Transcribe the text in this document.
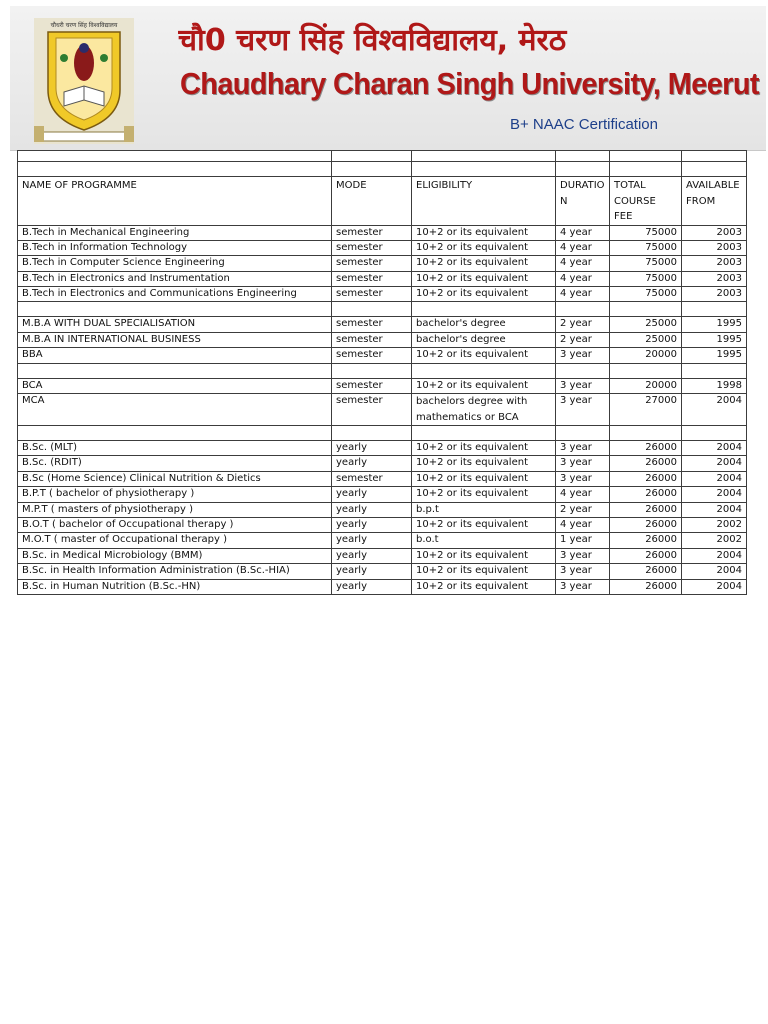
चौधरी चरण सिंह विश्वविद्यालय चौ0 चरण सिंह विश्वविद्यालय, मेरठ
Chaudhary Charan Singh University, Meerut
B+ NAAC Certification

NAME OF PROGRAMME	MODE	ELIGIBILITY	DURATION	TOTAL COURSE FEE	AVAILABLE FROM
B.Tech in Mechanical Engineering	semester	10+2 or its equivalent	4 year	75000	2003
B.Tech in Information Technology	semester	10+2 or its equivalent	4 year	75000	2003
B.Tech in Computer Science Engineering	semester	10+2 or its equivalent	4 year	75000	2003
B.Tech in Electronics and Instrumentation	semester	10+2 or its equivalent	4 year	75000	2003
B.Tech in Electronics and Communications Engineering	semester	10+2 or its equivalent	4 year	75000	2003

M.B.A WITH DUAL SPECIALISATION	semester	bachelor's degree	2 year	25000	1995
M.B.A IN INTERNATIONAL BUSINESS	semester	bachelor's degree	2 year	25000	1995
BBA	semester	10+2 or its equivalent	3 year	20000	1995

BCA	semester	10+2 or its equivalent	3 year	20000	1998
MCA	semester	bachelors degree with mathematics or BCA	3 year	27000	2004

B.Sc. (MLT)	yearly	10+2 or its equivalent	3 year	26000	2004
B.Sc. (RDIT)	yearly	10+2 or its equivalent	3 year	26000	2004
B.Sc (Home Science) Clinical Nutrition & Dietics	semester	10+2 or its equivalent	3 year	26000	2004
B.P.T ( bachelor of physiotherapy )	yearly	10+2 or its equivalent	4 year	26000	2004
M.P.T ( masters of physiotherapy )	yearly	b.p.t	2 year	26000	2004
B.O.T ( bachelor of Occupational therapy )	yearly	10+2 or its equivalent	4 year	26000	2002
M.O.T ( master of Occupational therapy )	yearly	b.o.t	1 year	26000	2002
B.Sc. in Medical Microbiology (BMM)	yearly	10+2 or its equivalent	3 year	26000	2004
B.Sc. in Health Information Administration (B.Sc.-HIA)	yearly	10+2 or its equivalent	3 year	26000	2004
B.Sc. in Human Nutrition (B.Sc.-HN)	yearly	10+2 or its equivalent	3 year	26000	2004
